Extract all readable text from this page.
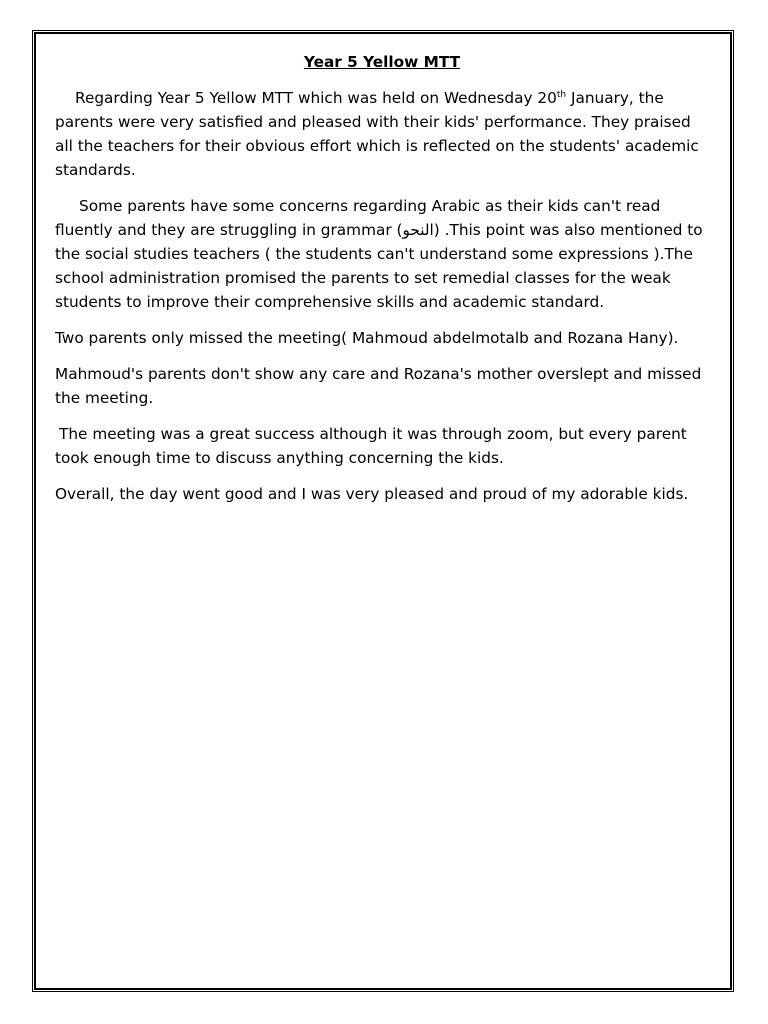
Year 5 Yellow MTT

Regarding Year 5 Yellow MTT which was held on Wednesday 20th January, the parents were very satisfied and pleased with their kids' performance. They praised all the teachers for their obvious effort which is reflected on the students' academic standards.

Some parents have some concerns regarding Arabic as their kids can't read fluently and they are struggling in grammar (النحو) .This point was also mentioned to the social studies teachers ( the students can't understand some expressions ).The school administration promised the parents to set remedial classes for the weak students to improve their comprehensive skills and academic standard.

Two parents only missed the meeting( Mahmoud abdelmotalb and Rozana Hany).

Mahmoud's parents don't show any care and Rozana's mother overslept and missed the meeting.

The meeting was a great success although it was through zoom, but every parent took enough time to discuss anything concerning the kids.

Overall, the day went good and I was very pleased and proud of my adorable kids.
